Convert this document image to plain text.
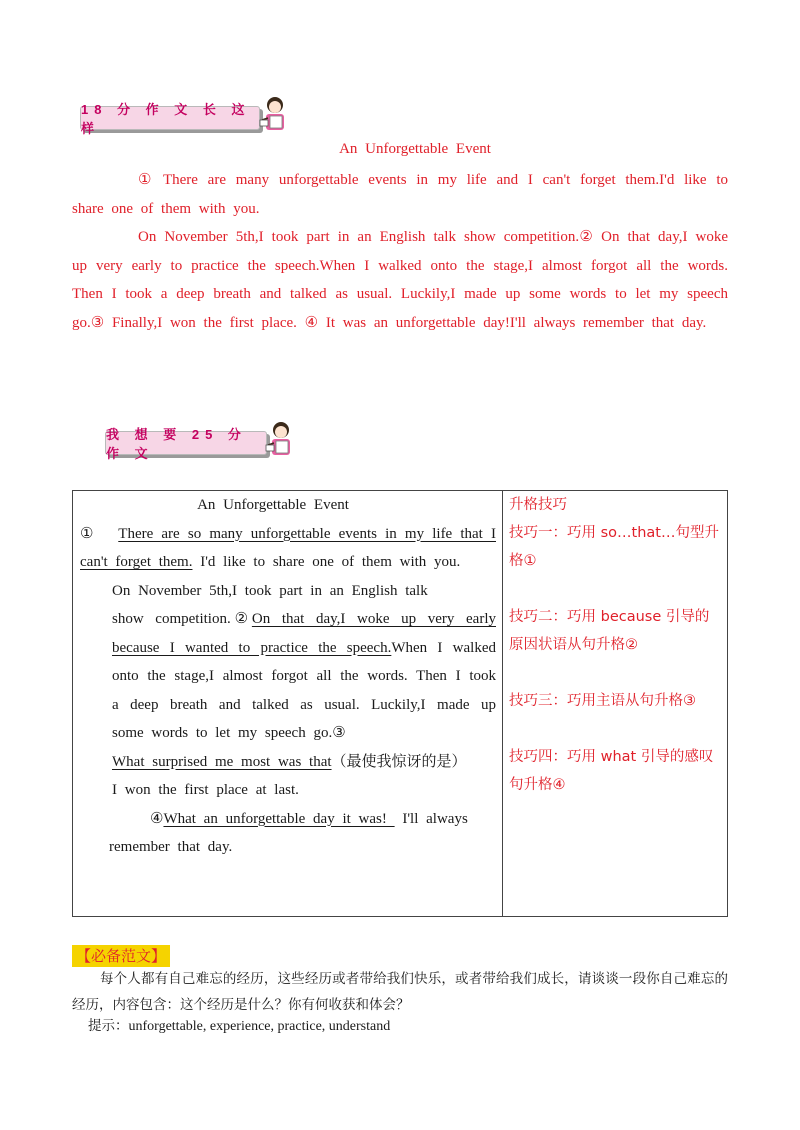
18 分 作 文 长 这 样
An Unforgettable Event

① There are many unforgettable events in my life and I can't forget them.I'd like to share one of them with you.

On November 5th,I took part in an English talk show competition.② On that day,I woke up very early to practice the speech.When I walked onto the stage,I almost forgot all the words. Then I took a deep breath and talked as usual. Luckily,I made up some words to let my speech go.③ Finally,I won the first place. ④ It was an unforgettable day!I'll always remember that day.

我 想 要 25 分 作 文
An Unforgettable Event
① There are so many unforgettable events in my life that I can't forget them. I'd like to share one of them with you.
On November 5th,I took part in an English talk
show competition.②On that day,I woke up very early because I wanted to practice the speech.When I walked onto the stage,I almost forgot all the words. Then I took a deep breath and talked as usual. Luckily,I made up some words to let my speech go.③
What surprised me most was that（最使我惊讶的是）
I won the first place at last.
④What an unforgettable day it was!  I'll always
remember that day.

升格技巧
技巧一：巧用 so…that…句型升格①
技巧二：巧用 because 引导的原因状语从句升格②
技巧三：巧用主语从句升格③
技巧四：巧用 what 引导的感叹
句升格④
【必备范文】
每个人都有自己难忘的经历，这些经历或者带给我们快乐，或者带给我们成长，请谈谈一段你自己难忘的经历，内容包含：这个经历是什么？你有何收获和体会？
提示：unforgettable, experience, practice, understand
